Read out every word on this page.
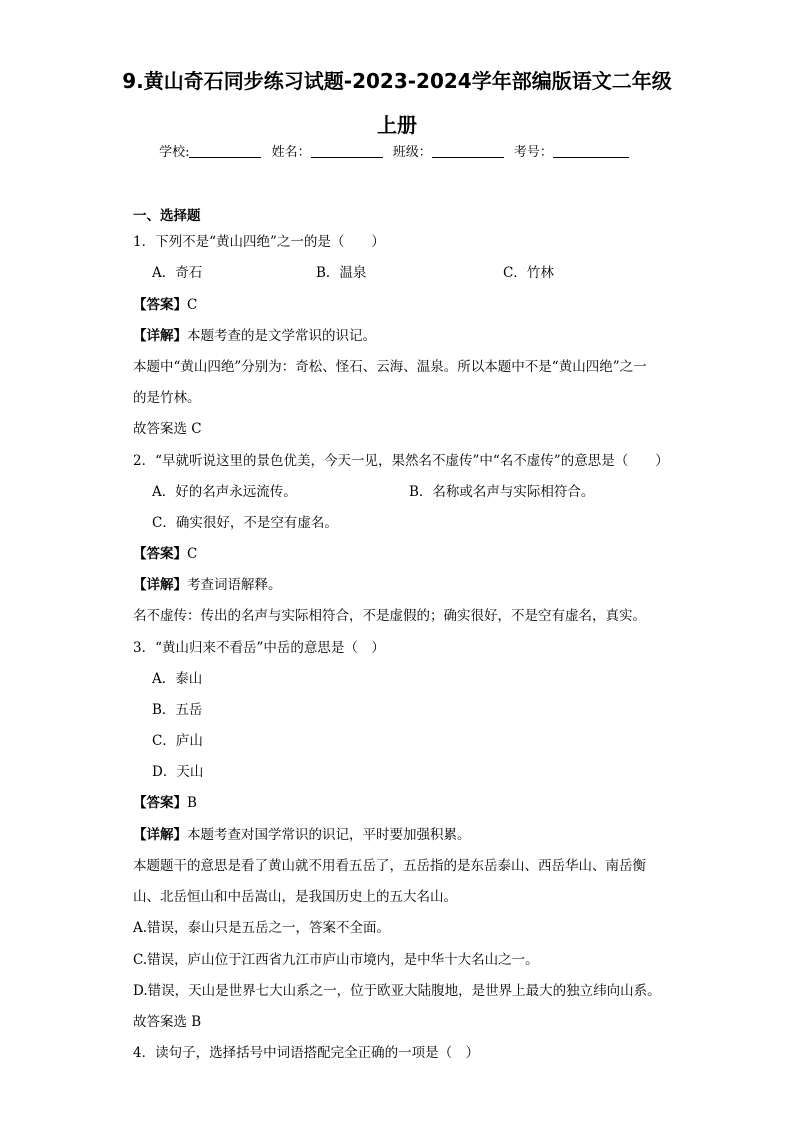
9.黄山奇石同步练习试题-2023-2024学年部编版语文二年级
上册
学校:	姓名：	班级：	考号：
一、选择题
1．下列不是“黄山四绝”之一的是（　　）
A．奇石	B．温泉	C．竹林
【答案】C
【详解】本题考查的是文学常识的识记。
本题中“黄山四绝”分别为：奇松、怪石、云海、温泉。所以本题中不是“黄山四绝”之一
的是竹林。
故答案选 C
2．“早就听说这里的景色优美，今天一见，果然名不虚传”中“名不虚传”的意思是（　　）
A．好的名声永远流传。	B．名称或名声与实际相符合。
C．确实很好，不是空有虚名。
【答案】C
【详解】考查词语解释。
名不虚传：传出的名声与实际相符合，不是虚假的；确实很好，不是空有虚名，真实。
3．“黄山归来不看岳”中岳的意思是（　）
A．泰山
B．五岳
C．庐山
D．天山
【答案】B
【详解】本题考查对国学常识的识记，平时要加强积累。
本题题干的意思是看了黄山就不用看五岳了，五岳指的是东岳泰山、西岳华山、南岳衡
山、北岳恒山和中岳嵩山，是我国历史上的五大名山。
A.错误，泰山只是五岳之一，答案不全面。
C.错误，庐山位于江西省九江市庐山市境内，是中华十大名山之一。
D.错误，天山是世界七大山系之一，位于欧亚大陆腹地，是世界上最大的独立纬向山系。
故答案选 B
4．读句子，选择括号中词语搭配完全正确的一项是（　）
